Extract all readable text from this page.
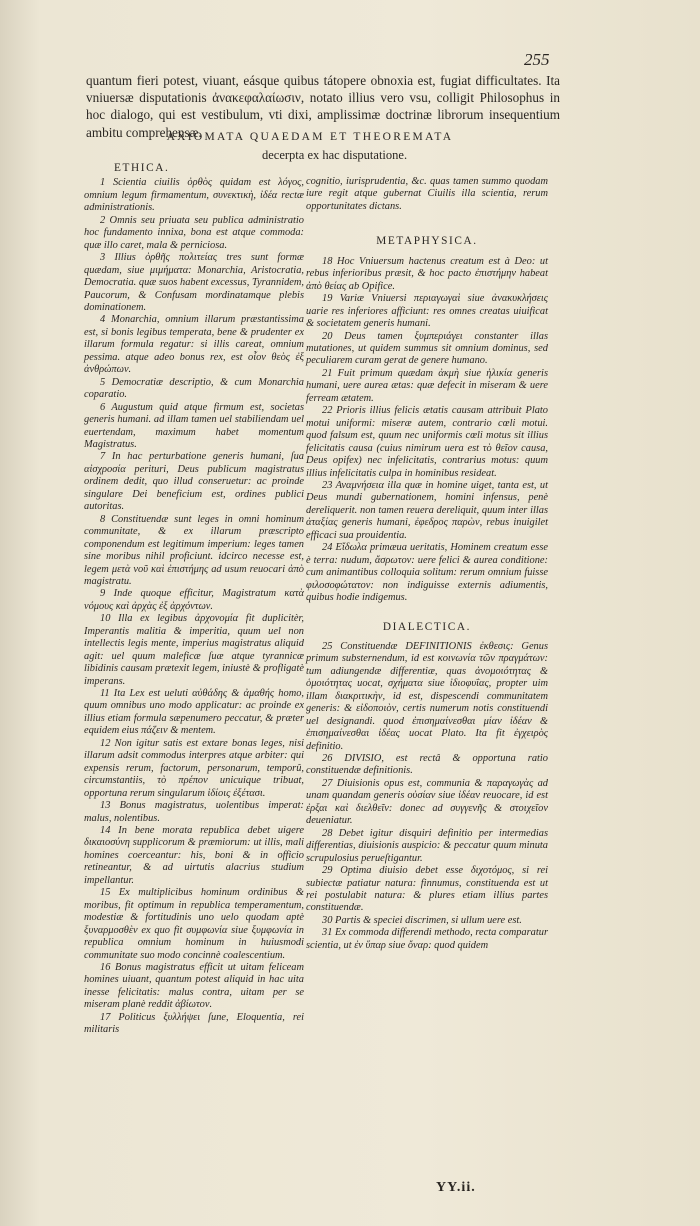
255

quantum fieri potest, viuant, eásque quibus tátopere obnoxia est, fugiat difficultates. Ita vniuersæ disputationis ἀνακεφαλαίωσιν, notato illius vero vsu, colligit Philosophus in hoc dialogo, qui est vestibulum, vti dixi, amplissimæ doctrinæ librorum insequentium ambitu comprehensæ.

AXIOMATA QUAEDAM ET THEOREMATA
decerpta ex hac disputatione.
ETHICA.

1 Scientia ciuilis ὀρθὸς quidam est λόγος, omnium legum firmamentum, συνεκτικὴ, ἰδέα rectæ administrationis.

2 Omnis seu priuata seu publica administratio hoc fundamento innixa, bona est atque commoda: quæ illo caret, mala & perniciosa.

3 Illius ὀρθῆς πολιτείας tres sunt formæ quædam, siue μιμήματα: Monarchia, Aristocratia, Democratia. quæ suos habent excessus, Tyrannidem, Paucorum, & Confusam mordinatamque plebis dominationem.

4 Monarchia, omnium illarum præstantissima est, si bonis legibus temperata, bene & prudenter ex illarum formula regatur: si illis careat, omnium pessima. atque adeo bonus rex, est οἷον θεὸς ἐξ ἀνθρώπων.

5 Democratiæ descriptio, & cum Monarchia coparatio.

6 Augustum quid atque firmum est, societas generis humani. ad illam tamen uel stabiliendam uel euertendam, maximum habet momentum Magistratus.

7 In hac perturbatione generis humani, ſua αἰσχροσία perituri, Deus publicum magistratus ordinem dedit, quo illud conseruetur: ac proinde singulare Dei beneficium est, ordines publici autoritas.

8 Constituendæ sunt leges in omni hominum communitate, & ex illarum præscripto componendum est legitimum imperium: leges tamen sine moribus nihil proficiunt. idcirco necesse est, legem μετὰ νοῦ καὶ ἐπιστήμης ad usum reuocari ἀπὸ magistratu.

9 Inde quoque efficitur, Magistratum κατὰ νόμους καὶ ἀρχὰς ἐξ ἀρχόντων.

10 Illa ex legibus ἀρχονομία fit duplicitèr, Imperantis malitia & imperitia, quum uel non intellectis legis mente, imperius magistratus aliquid agit: uel quum maleficæ ſuæ atque tyrannicæ libidinis causam prætexit legem, iniustè & profligatè imperans.

11 Ita Lex est ueluti αὐθάδης & ἀμαθής homo, quum omnibus uno modo applicatur: ac proinde ex illius etiam formula sæpenumero peccatur, & præter equidem eius πάζειν & mentem.

12 Non igitur satis est extare bonas leges, nisi illarum adsit commodus interpres atque arbiter: qui expensis rerum, factorum, personarum, temporû, circumstantiis, τὸ πρέπον unicuique tribuat, opportuna rerum singularum ἰδίοις ἐξέτασι.

13 Bonus magistratus, uolentibus imperat: malus, nolentibus.

14 In bene morata republica debet uigere δικαιοσύνη supplicorum & præmiorum: ut illis, mali homines coerceantur: his, boni & in officio retineantur, & ad uirtutis alacrius studium impellantur.

15 Ex multiplicibus hominum ordinibus & moribus, fit optimum in republica temperamentum, modestiæ & fortitudinis uno uelo quodam aptè ξυναρμοσθὲν ex quo fit συμφωνία siue ξυμφωνία in republica omnium hominum in huiusmodi communitate suo modo concinnè coalescentium.

16 Bonus magistratus efficit ut uitam feliceam homines uiuant, quantum potest aliquid in hac uita inesse felicitatis: malus contra, uitam per se miseram planè reddit ἀβίωτον.

17 Politicus ξυλλήψει ſune, Eloquentia, rei militaris

cognitio, iurisprudentia, &c. quas tamen summo quodam iure regit atque gubernat Ciuilis illa scientia, rerum opportunitates dictans.

METAPHYSICA.

18 Hoc Vniuersum hactenus creatum est à Deo: ut rebus inferioribus præsit, & hoc pacto ἐπιστήμην habeat ἀπὸ θείας ab Opifice.

19 Variæ Vniuersi περιαγωγαὶ siue ἀνακυκλήσεις uarie res inferiores afficiunt: res omnes creatas uiuificat & societatem generis humani.

20 Deus tamen ξυμπεριάγει constanter illas mutationes, ut quidem summus sit omnium dominus, sed peculiarem curam gerat de genere humano.

21 Fuit primum quædam ἀκμὴ siue ἡλικία generis humani, uere aurea ætas: quæ defecit in miseram & uere ferream ætatem.

22 Prioris illius felicis ætatis causam attribuit Plato motui uniformi: miseræ autem, contrario cœli motui. quod falsum est, quum nec uniformis cœli motus sit illius felicitatis causa (cuius nimirum uera est τὸ θεῖον causa, Deus opifex) nec infelicitatis, contrarius motus: quum illius infelicitatis culpa in hominibus resideat.

23 Αναμνήσεια illa quæ in homine uiget, tanta est, ut Deus mundi gubernationem, homini infensus, penè dereliquerit. non tamen reuera dereliquit, quum inter illas ἀταξίας generis humani, ἐφεδρος παρὼν, rebus inuigilet efficaci sua prouidentia.

24 Εἴδωλα primæua ueritatis, Hominem creatum esse è terra: nudum, ἄσρωτον: uere felici & aurea conditione: cum animantibus colloquia solitum: rerum omnium fuisse φιλοσοφώτατον: non indiguisse externis adiumentis, quibus hodie indigemus.

DIALECTICA.

25 Constituendæ DEFINITIONIS ἐκθεσις: Genus primum substernendum, id est κοινωνία τῶν πραγμάτων: tum adiungendæ differentiæ, quas ἀνομοιότητας & ὁμοιότητας uocat, σχήματα siue ἰδιοφυΐας, propter uim illam διακριτικὴν, id est, dispescendi communitatem generis: & εἰδοποιὸν, certis numerum notis constituendi uel designandi. quod ἐπισημαίνεσθαι μίαν ἰδέαν & ἐπισημαίνεσθαι ἰδέας uocat Plato. Ita fit ἐγχειρὸς definitio.

26 DIVISIO, est rectâ & opportuna ratio constituendæ definitionis.

27 Diuisionis opus est, communia & παραγωγὰς ad unam quandam generis οὐσίαν siue ἰδέαν reuocare, id est ἐρξαι καὶ διελθεῖν: donec ad συγγενῆς & στοιχεῖον deueniatur.

28 Debet igitur disquiri definitio per intermedias differentias, diuisionis auspicio: & peccatur quum minuta scrupulosius perueſtigantur.

29 Optima diuisio debet esse διχοτόμος, si rei subiectæ patiatur natura: finnumus, constituenda est ut rei postulabit natura: & plures etiam illius partes constituendæ.

30 Partis & speciei discrimen, si ullum uere est.

31 Ex commoda differendi methodo, recta comparatur scientia, ut ἐν ὕπαρ siue ὄναρ: quod quidem

YY.ii.
